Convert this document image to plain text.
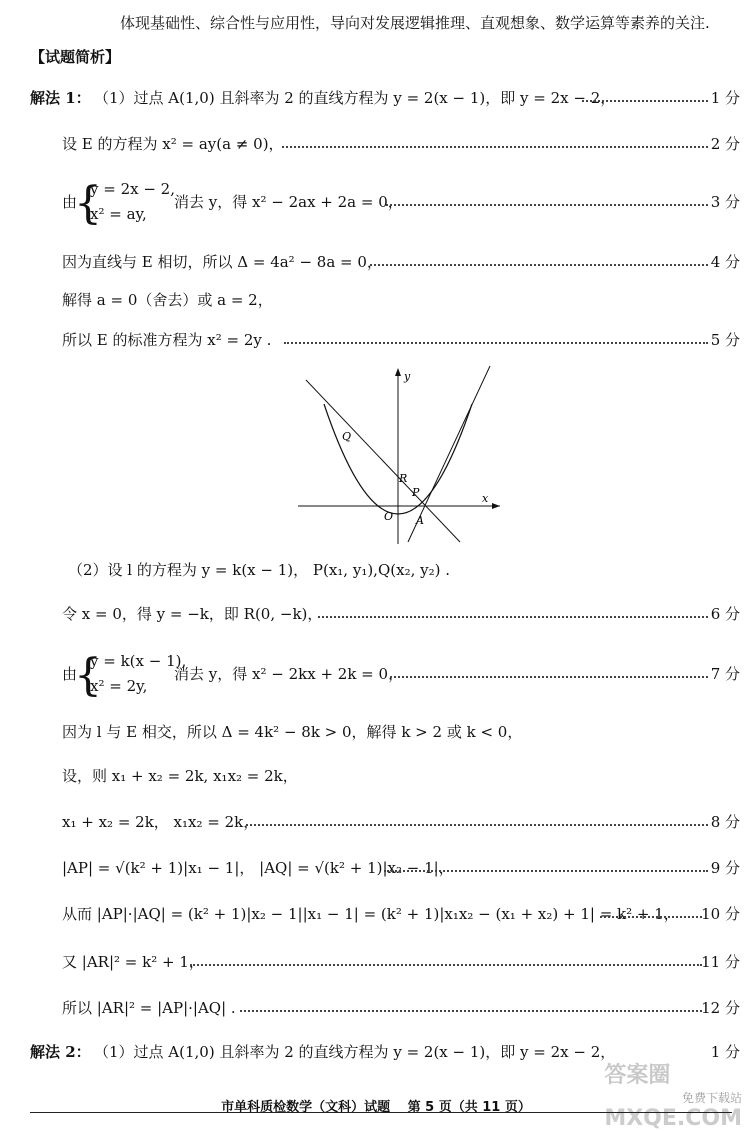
体现基础性、综合性与应用性，导向对发展逻辑推理、直观想象、数学运算等素养的关注.
【试题简析】
解法 1： （1）过点 A(1,0) 且斜率为 2 的直线方程为 y = 2(x − 1)，即 y = 2x − 2，	1 分
设 E 的方程为 x² = ay(a ≠ 0)，	2 分
由
{
y = 2x − 2,
x² = ay,
消去 y，得 x² − 2ax + 2a = 0，	3 分
因为直线与 E 相切，所以 Δ = 4a² − 8a = 0，	4 分
解得 a = 0（舍去）或 a = 2，
所以 E 的标准方程为 x² = 2y .	5 分
y
x
Q
R
P
O A
（2）设 l 的方程为 y = k(x − 1)， P(x₁, y₁),Q(x₂, y₂) .
令 x = 0，得 y = −k，即 R(0, −k)，	6 分
由
{
y = k(x − 1),
x² = 2y,
消去 y，得 x² − 2kx + 2k = 0，	7 分
因为 l 与 E 相交，所以 Δ = 4k² − 8k > 0，解得 k > 2 或 k < 0，
设，则 x₁ + x₂ = 2k, x₁x₂ = 2k，
x₁ + x₂ = 2k， x₁x₂ = 2k，	8 分
|AP| = √(k² + 1)|x₁ − 1|， |AQ| = √(k² + 1)|x₂ − 1|，	9 分
从而 |AP|·|AQ| = (k² + 1)|x₂ − 1||x₁ − 1| = (k² + 1)|x₁x₂ − (x₁ + x₂) + 1| = k² + 1， 10 分
又 |AR|² = k² + 1，	11 分
所以 |AR|² = |AP|·|AQ| .	12 分
解法 2： （1）过点 A(1,0) 且斜率为 2 的直线方程为 y = 2(x − 1)，即 y = 2x − 2，	1 分
答案圈
免费下载站
MXQE.COM
市单科质检数学（文科）试题　 第 5 页（共 11 页）
